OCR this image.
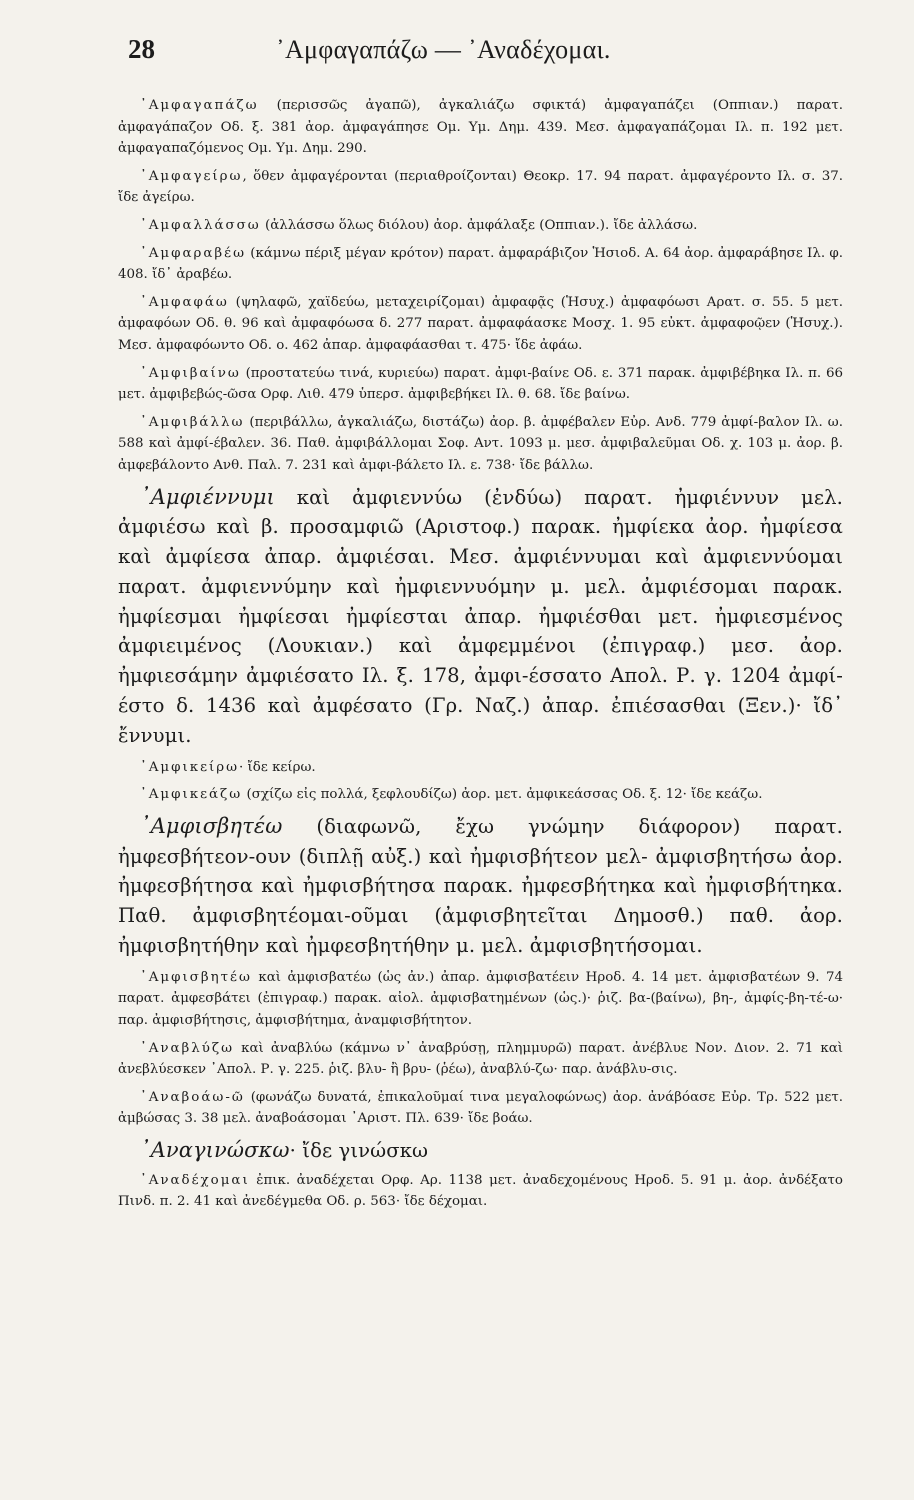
28	᾿Αμφαγαπάζω — ᾿Αναδέχομαι.

᾿Αμφαγαπάζω (περισσῶς ἀγαπῶ), ἀγκαλιάζω σφικτά) ἀμφαγαπάζει (Οππιαν.) παρατ. ἀμφαγάπαζον Οδ. ξ. 381 ἀορ. ἀμφαγάπησε Ομ. Υμ. Δημ. 439. Μεσ. ἀμφαγαπάζομαι Ιλ. π. 192 μετ. ἀμφαγαπαζόμενος Ομ. Υμ. Δημ. 290.

᾿Αμφαγείρω, ὅθεν ἀμφαγέρονται (περιαθροίζονται) Θεοκρ. 17. 94 παρατ. ἀμφαγέροντο Ιλ. σ. 37. ἴδε ἀγείρω.

᾿Αμφαλλάσσω (ἀλλάσσω ὅλως διόλου) ἀορ. ἀμφάλαξε (Οππιαν.). ἴδε ἀλλάσω.

᾿Αμφαραβέω (κάμνω πέριξ μέγαν κρότον) παρατ. ἀμφαράβιζον Ἡσιοδ. Α. 64 ἀορ. ἀμφαράβησε Ιλ. φ. 408. ἴδ᾿ ἀραβέω.

᾿Αμφαφάω (ψηλαφῶ, χαϊδεύω, μεταχειρίζομαι) ἀμφαφᾷς (Ἡσυχ.) ἀμφαφόωσι Αρατ. σ. 55. 5 μετ. ἀμφαφόων Οδ. θ. 96 καὶ ἀμφαφόωσα δ. 277 παρατ. ἀμφαφάασκε Μοσχ. 1. 95 εὐκτ. ἀμφαφοῷεν (Ἡσυχ.). Μεσ. ἀμφαφόωντο Οδ. ο. 462 ἀπαρ. ἀμφαφάασθαι τ. 475· ἴδε ἀφάω.

᾿Αμφιβαίνω (προστατεύω τινά, κυριεύω) παρατ. ἀμφι-βαίνε Οδ. ε. 371 παρακ. ἀμφιβέβηκα Ιλ. π. 66 μετ. ἀμφιβεβώς-ῶσα Ορφ. Λιθ. 479 ὑπερσ. ἀμφιβεβήκει Ιλ. θ. 68. ἴδε βαίνω.

᾿Αμφιβάλλω (περιβάλλω, ἀγκαλιάζω, διστάζω) ἀορ. β. ἀμφέβαλεν Εὐρ. Ανδ. 779 ἀμφί-βαλον Ιλ. ω. 588 καὶ ἀμφί-έβαλεν. 36. Παθ. ἀμφιβάλλομαι Σοφ. Αντ. 1093 μ. μεσ. ἀμφιβαλεῦμαι Οδ. χ. 103 μ. ἀορ. β. ἀμφεβάλοντο Ανθ. Παλ. 7. 231 καὶ ἀμφι-βάλετο Ιλ. ε. 738· ἴδε βάλλω.

᾿Αμφιέννυμι καὶ ἀμφιεννύω (ἐνδύω) παρατ. ἠμφιέννυν μελ. ἀμφιέσω καὶ β. προσαμφιῶ (Αριστοφ.) παρακ. ἠμφίεκα ἀορ. ἠμφίεσα καὶ ἀμφίεσα ἀπαρ. ἀμφιέσαι. Μεσ. ἀμφιέννυμαι καὶ ἀμφιεννύομαι παρατ. ἀμφιεννύμην καὶ ἠμφιεννυόμην μ. μελ. ἀμφιέσομαι παρακ. ἠμφίεσμαι ἠμφίεσαι ἠμφίεσται ἀπαρ. ἠμφιέσθαι μετ. ἠμφιεσμένος ἀμφιειμένος (Λουκιαν.) καὶ ἀμφεμμένοι (ἐπιγραφ.) μεσ. ἀορ. ἠμφιεσάμην ἀμφιέσατο Ιλ. ξ. 178, ἀμφι-έσσατο Απολ. Ρ. γ. 1204 ἀμφί-έστο δ. 1436 καὶ ἀμφέσατο (Γρ. Ναζ.) ἀπαρ. ἐπιέσασθαι (Ξεν.)· ἴδ᾿ ἔννυμι.

᾿Αμφικείρω· ἴδε κείρω.

᾿Αμφικεάζω (σχίζω εἰς πολλά, ξεφλουδίζω) ἀορ. μετ. ἀμφικεάσσας Οδ. ξ. 12· ἴδε κεάζω.

᾿Αμφισβητέω (διαφωνῶ, ἔχω γνώμην διάφορον) παρατ. ἠμφεσβήτεον-ουν (διπλῇ αὐξ.) καὶ ἠμφισβήτεον μελ- ἀμφισβητήσω ἀορ. ἠμφεσβήτησα καὶ ἠμφισβήτησα παρακ. ἠμφεσβήτηκα καὶ ἠμφισβήτηκα. Παθ. ἀμφισβητέομαι-οῦμαι (ἀμφισβητεῖται Δημοσθ.) παθ. ἀορ. ἠμφισβητήθην καὶ ἠμφεσβητήθην μ. μελ. ἀμφισβητήσομαι.

᾿Αμφισβητέω καὶ ἀμφισβατέω (ὡς ἀν.) ἀπαρ. ἀμφισβατέειν Ηροδ. 4. 14 μετ. ἀμφισβατέων 9. 74 παρατ. ἀμφεσβάτει (ἐπιγραφ.) παρακ. αἰολ. ἀμφισβατημένων (ὡς.)· ῥιζ. βα-(βαίνω), βη-, ἀμφίς-βη-τέ-ω· παρ. ἀμφισβήτησις, ἀμφισβήτημα, ἀναμφισβήτητον.

᾿Αναβλύζω καὶ ἀναβλύω (κάμνω ν᾿ ἀναβρύσῃ, πλημμυρῶ) παρατ. ἀνέβλυε Νον. Διον. 2. 71 καὶ ἀνεβλύεσκεν ᾿Απολ. Ρ. γ. 225. ῥιζ. βλυ- ἢ βρυ- (ῥέω), ἀναβλύ-ζω· παρ. ἀνάβλυ-σις.

᾿Αναβοάω-ῶ (φωνάζω δυνατά, ἐπικαλοῦμαί τινα μεγαλοφώνως) ἀορ. ἀνάβόασε Εὐρ. Τρ. 522 μετ. ἀμβώσας 3. 38 μελ. ἀναβοάσομαι ᾿Αριστ. Πλ. 639· ἴδε βοάω.

᾿Αναγινώσκω· ἴδε γινώσκω

᾿Αναδέχομαι ἐπικ. ἀναδέχεται Ορφ. Αρ. 1138 μετ. ἀναδεχομένους Ηροδ. 5. 91 μ. ἀορ. ἀνδέξατο Πινδ. π. 2. 41 καὶ ἀνεδέγμεθα Οδ. ρ. 563· ἴδε δέχομαι.
